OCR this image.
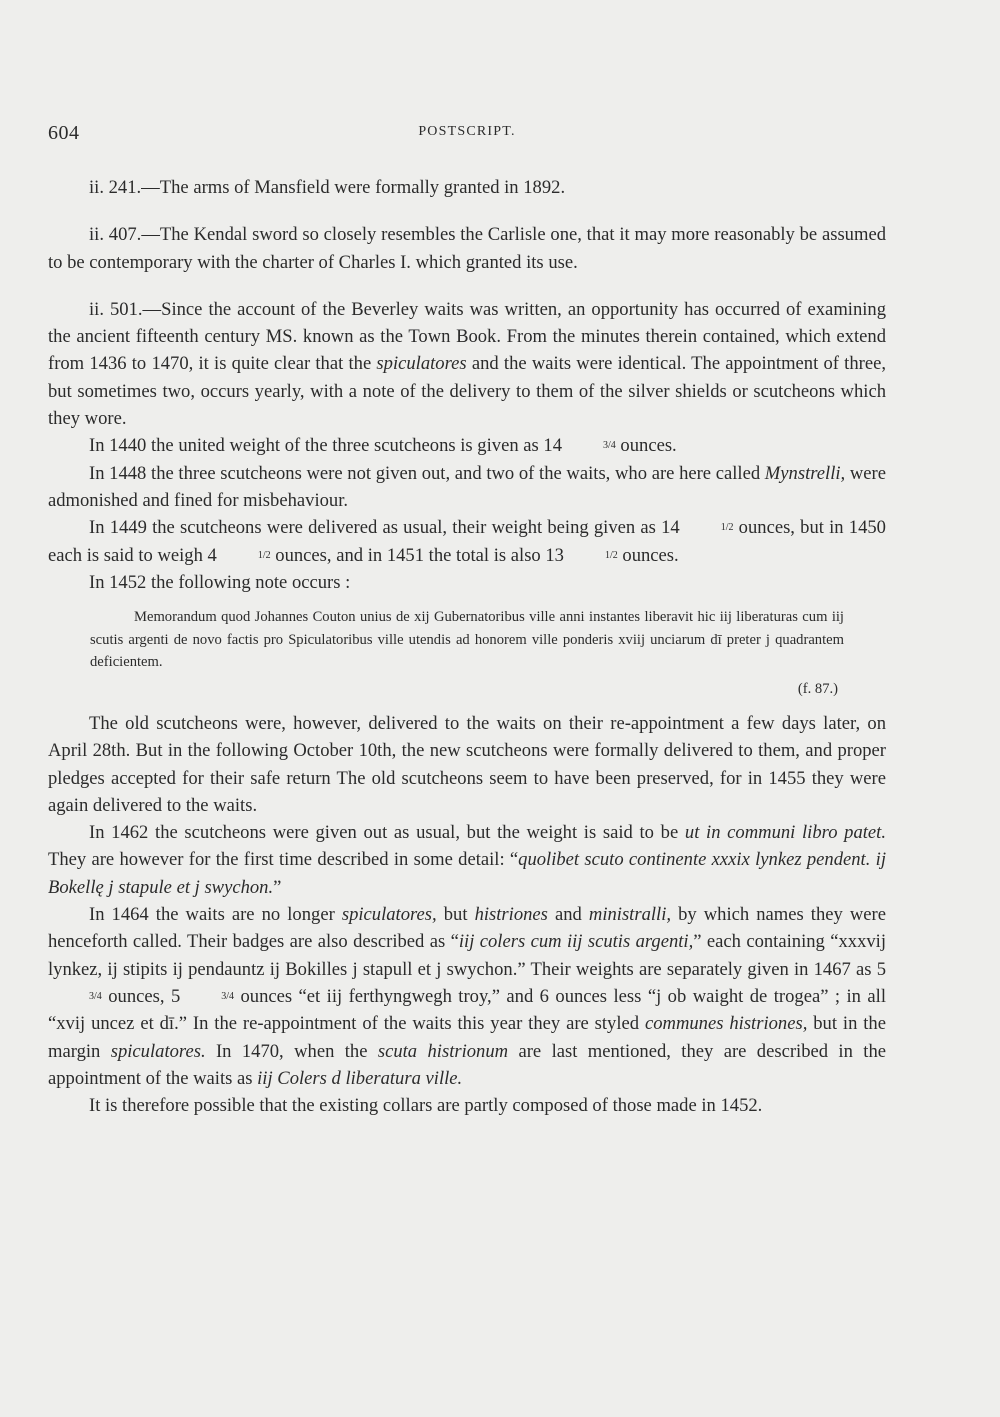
604	POSTSCRIPT.

ii. 241.—The arms of Mansfield were formally granted in 1892.

ii. 407.—The Kendal sword so closely resembles the Carlisle one, that it may more reasonably be assumed to be contemporary with the charter of Charles I. which granted its use.

ii. 501.—Since the account of the Beverley waits was written, an opportunity has occurred of examining the ancient fifteenth century MS. known as the Town Book. From the minutes therein contained, which extend from 1436 to 1470, it is quite clear that the spiculatores and the waits were identical. The appointment of three, but sometimes two, occurs yearly, with a note of the delivery to them of the silver shields or scutcheons which they wore.

In 1440 the united weight of the three scutcheons is given as 14	3/4 ounces.

In 1448 the three scutcheons were not given out, and two of the waits, who are here called Mynstrelli, were admonished and fined for misbehaviour.

In 1449 the scutcheons were delivered as usual, their weight being given as 14	1/2 ounces, but in 1450 each is said to weigh 4	1/2 ounces, and in 1451 the total is also 13	1/2 ounces.

In 1452 the following note occurs :

Memorandum quod Johannes Couton unius de xij Gubernatoribus ville anni instantes liberavit hic iij liberaturas cum iij scutis argenti de novo factis pro Spiculatoribus ville utendis ad honorem ville ponderis xviij unciarum dī preter j quadrantem deficientem.
(f. 87.)

The old scutcheons were, however, delivered to the waits on their re-appointment a few days later, on April 28th. But in the following October 10th, the new scutcheons were formally delivered to them, and proper pledges accepted for their safe return The old scutcheons seem to have been preserved, for in 1455 they were again delivered to the waits.

In 1462 the scutcheons were given out as usual, but the weight is said to be ut in communi libro patet. They are however for the first time described in some detail: “quolibet scuto continente xxxix lynkez pendent. ij Bokellę j stapule et j swychon.”

In 1464 the waits are no longer spiculatores, but histriones and ministralli, by which names they were henceforth called. Their badges are also described as “iij colers cum iij scutis argenti,” each containing “xxxvij lynkez, ij stipits ij pendauntz ij Bokilles j stapull et j swychon.” Their weights are separately given in 1467 as 53/4 ounces, 5	3/4 ounces “et iij ferthyngwegh troy,” and 6 ounces less “j ob waight de trogea” ; in all “xvij uncez et dī.” In the re-appointment of the waits this year they are styled communes histriones, but in the margin spiculatores. In 1470, when the scuta histrionum are last mentioned, they are described in the appointment of the waits as iij Colers d liberatura ville.

It is therefore possible that the existing collars are partly composed of those made in 1452.
